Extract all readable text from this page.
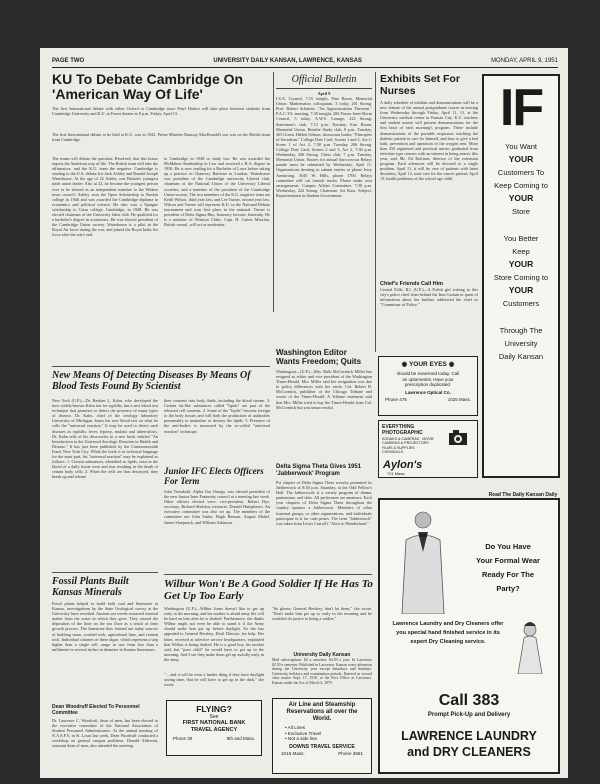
PAGE TWO	UNIVERSITY DAILY KANSAN, LAWRENCE, KANSAS	MONDAY, APRIL 9, 1951
KU To Debate Cambridge On 'American Way Of Life'
The first International debate with either Oxford or Cambridge since Pearl Harbor will take place between students from Cambridge University and K.U. at Fraser theater at 8 p.m. Friday, April 13.
The first International debate to be held at K.U. was in 1922. Prime Minister Ramsay MacDonald's son was on the British team from Cambridge.
The teams will debate the question: Resolved, that this house regrets the American way of life. The British team will take the affirmative, and the K.U. team the negative. Cambridge is sending to the U.S. debate Joe Jack Ashley and Ronald Joseph Waterhouse. At the age of 22 Ashley was Britain's youngest trade union leader. Also at 22, he became the youngest person ever to be elected as an independent member to the Widnes town council. Ashley won the Open Scholarship to Ruskin college in 1946 and was awarded the Cambridge diploma in economics and political science. He also won a Sprague scholarship to Caius college, Cambridge, in 1948. He was elected chairman of the University labor club. He qualified for a bachelor's degree in economics. He was elected president of the Cambridge Union society. Waterhouse is a pilot in the Royal Air force during the war, and joined the Royal India Air force after the war's end.
to Cambridge in 1948 to study law. He was awarded the McMahon Studentship in Law and received a B.A. degree in 1950. He is now reading for a Bachelor of Laws before taking up a practice in Chancery Barrister in London. Waterhouse was president of the Cambridge university Liberal club, chairman of the National Union of the University Liberal societies, and a member of the president of the Cambridge Union society. The two members of the K.U. negative team are Keith Wilson, third year law, and Lee Turner, second year law. Wilson and Turner will represent K.U. in the National Debate tournament and won first place in the national. Turner is president of Delta Sigma Rho, honorary forensic fraternity. He is a member of Winston Clubs. Capt. H. Catten Minchin, British consul, will act as moderator.
Official Bulletin
April 9
I.S.A. Council, 7:15 tonight, Pine Room, Memorial Union. Mathematics colloquium, 3 today, 201 Strong. Prof. Robert Schatten, "An Approximation Theorem." P.A.C.T.S. meeting, 7:30 tonight, 206 Fraser. Inter-Dorm Council, 5 today, A.W.S. Lounge, 222 Strong. Statesmen's club, 7:15 p.m. Tuesday, East Room, Memorial Union. Retailer Study club, 8 p.m. Tuesday, 365 Green. Hilden Gibson, discussion leader, "Principles of Socialism." College Date Card, Scenes 1 and 2, Act 1; Scene 1 of Act 2; 7:30 p.m. Tuesday, 206 Strong. College Date Card, Scenes 2 and 3, Act 2, 7:30 p.m. Wednesday, 206 Strong. Chess club, 7 p.m. Tuesday, Memorial Union. Entries for annual Sarcocercus Relays parade must be submitted by Wednesday, April 11. Organizations desiring to submit entries or phone Jerry Armstrong, 3045 W. Hills, phone 1700. Relays committee will cut furnish trucks. Please make own arrangements. Campus Affairs Committee, 7:30 p.m. Wednesday, 222 Strong. Chairman: Art Kass. Subject: Representation in Student Government.
Exhibits Set For Nurses
A daily schedule of exhibits and demonstrations will be a new feature of the annual postgraduate course in nursing from Wednesday through Friday, April 11, 13, at the University medical center in Kansas City. K.U. teachers and student nurses will present demonstrations for the first hour of each morning's program. These include demonstrations of the portable respirator, teaching the diabetic patient to care for himself, and how to give a bed bath, prevention and operation of the oxygen tent. More than 250 registered and practical nurses graduated from refresher type courses with an interest in being nearer, this year, said Mr. Ed Roilians, director of the extension program. Each afternoon will be devoted to a single problem. April 11, it will be care of patients with heart disorders; April 12, total care for the cancer patient; April 13, health problems of the school age child.
Chief's Friends Call Him
Central Falls, R.I. (U.P.)—A Polish girl writing to this city's police chief from behind the Iron Curtain in quest of information about her brother, addressed the chief as "Commissar of Police."
IF
You Want
YOUR
Customers To
Keep Coming to
YOUR
Store
You Better
Keep
YOUR
Store Coming to
YOUR
Customers
Through The
University
Daily Kansan
Read The Daily Kansan Daily
Washington Editor Wants Freedom; Quits
Washington—(U.P.)—Mrs. Ruth McCormick Miller has resigned as editor and vice president of the Washington Times-Herald. Mrs. Miller said her resignation was due to policy differences with her uncle, Col. Robert R. McCormick, publisher of the Chicago Tribune and owner of the Times-Herald. A Tribune statement said that Mrs. Miller tried to buy the Times-Herald from Col. McCormick but was unsuccessful.
Delta Sigma Theta Gives 1951 'Jabberwock' Program
Psi chapter of Delta Sigma Theta sorority presented its Jabberwock at 8:30 p.m. Saturday, at the Odd Fellow's Hall. The Jabberwock is a variety program of drama, pantomime, and skits. All performers are amateurs. Each year chapters of Delta Sigma Theta throughout the country sponsor a Jabberwock. Members of other fraternal groups, or other organizations, and individuals participate in it for cash prizes. The term "Jabberwock" was taken from Lewis Carroll's "Alice in Wonderland."
◉ YOUR EYES ◉
should be examined today. Call
an optometrist. Have your
prescription duplicated.
Lawrence Optical Co.
Phone 475	1025 Mass.
EVERYTHING PHOTOGRAPHIC
KODAKS & CAMERAS · MOVIE CAMERAS & PROJECTORS · FILMS & SUPPLIES · CHEMICALS
Aylon's
721 Mass.
New Means Of Detecting Diseases By Means Of Blood Tests Found By Scientist
New York (U.P.)—Dr. Reuben L. Kahn, who developed the now widely-known Kahn test for syphilis, has a new blood test technique that promises to detect the presence of many types of disease. Dr. Kahn, chief of the serology laboratory University of Michigan, bases his new blood test on what he calls the "universal reaction." It may be used to detect such diseases as syphilis, fever, leprosy, malaria and tuberculosis. Dr. Kahn tells of his discoveries in a new book entitled "An Introduction to the Universal Serologic Reaction in Health and Disease." It has just been published by the Commonwealth Fund, New York City. While the book is in technical language for the most part, his "universal reaction" may be explained as follows: 1. Certain substances, identified as lipids, exist in the blood of a daily tissue wear and tear resulting in the death of certain body cells. 2. When the cells are thus destroyed, they break up and release
their contents into body fluids, including the blood stream. 3. Certain fat-like substances called "lipids" are part of the released cell contents. 4. Some of the "lipids" become foreign to the body tissues and will both the production of antibodies presumably to neutralize or destroy the lipids. 5. Presence of the anti-bodies is measured by the so-called "universal reaction" technique.
Junior IFC Elects Officers For Term
John Trombold, Alpha Tau Omega, was elected president of the new Junior Inter Fraternity council at a meeting last week. Other officers elected were: vice-president, Robert Dye, secretary, Richard Sheldon; treasurer, Donald Humphreys. An executive committee was also set up. The members of the committee are John Sutter, Hugh Benson, August Mahel, James Sharpnack, and William Atkinson.
Fossil Plants Built Kansas Minerals
Fossil plants helped to build both coal and limestone in Kansas, investigations by the State Geological survey at the University have revealed. Ancient sea weeds extracted mineral matter from the water in which they grew. They caused the deposition of the lime on the sea floor as a result of their growth process. The limestone thus formed are today sources of building stone, crushed rock, agricultural lime, and cement rock. Individual colonies of these algae, which represent a step higher than a single cell, range in size from less than a millimeter to several inches in diameter in Kansas limestones.
Dean Woodruff Elected To Personnel Committee
Dr. Laurence C. Woodruff, dean of men, has been elected to the executive committee of the National Association of Student Personnel Administrators. At the annual meeting of N.A.S.P.A. in St. Louis last week, Dean Woodruff conducted a workshop on general campus problems. Donald Alderson, assistant dean of men, also attended the meeting.
Wilbur Won't Be A Good Soldier If He Has To Get Up Too Early
Washington (U.P.)—Wilbur Jones doesn't like to get up early in the morning, and his mother is afraid army life will be hard on him after he is drafted. Furthermore, she thinks Wilbur might not even be able to stand it if the Army should make him get up before daylight. So she has appealed to General Hershey, Draft Director, for help. Her letter, received at selective service headquarters, explained that Wilbur is being drafted. He is a good boy, his mother said, but "poor child" he would have to get up in the morning. And I see they make them get up awfully early in the army.
"So please, General Hershey, don't let them," she wrote. "Don't make him get up so early in the morning and he wouldn't do justice to being a soldier."
"... and it will be even a harder thing if they have daylight saving time, that he will have to get up in the dark," she wrote.
University Daily Kansan
Mail subscriptions: $2 a semester. $4.50 a year. In Lawrence $2.50 a semester. Published in Lawrence, Kansas every afternoon during the University year except Saturdays and Sundays. University holidays and examination periods. Entered as second class matter Sept. 17, 1910, at the Post Office at Lawrence, Kansas under the Act of March 3, 1879.
FLYING?
See
FIRST NATIONAL BANK TRAVEL AGENCY
Phone 30	8th and Mass.
Air Line and Steamship Reservations all over the World.
• All Lines
• Exclusive Travel
• Not a side line.
DOWNS TRAVEL SERVICE
1015 Mass.	Phone 3661
Do You Have
Your Formal Wear
Ready For The
Party?
Lawrence Laundry and Dry Cleaners offer you special hand finished service in its expert Dry Cleaning service.
Call 383
Prompt Pick-Up and Delivery
LAWRENCE LAUNDRY
and DRY CLEANERS
